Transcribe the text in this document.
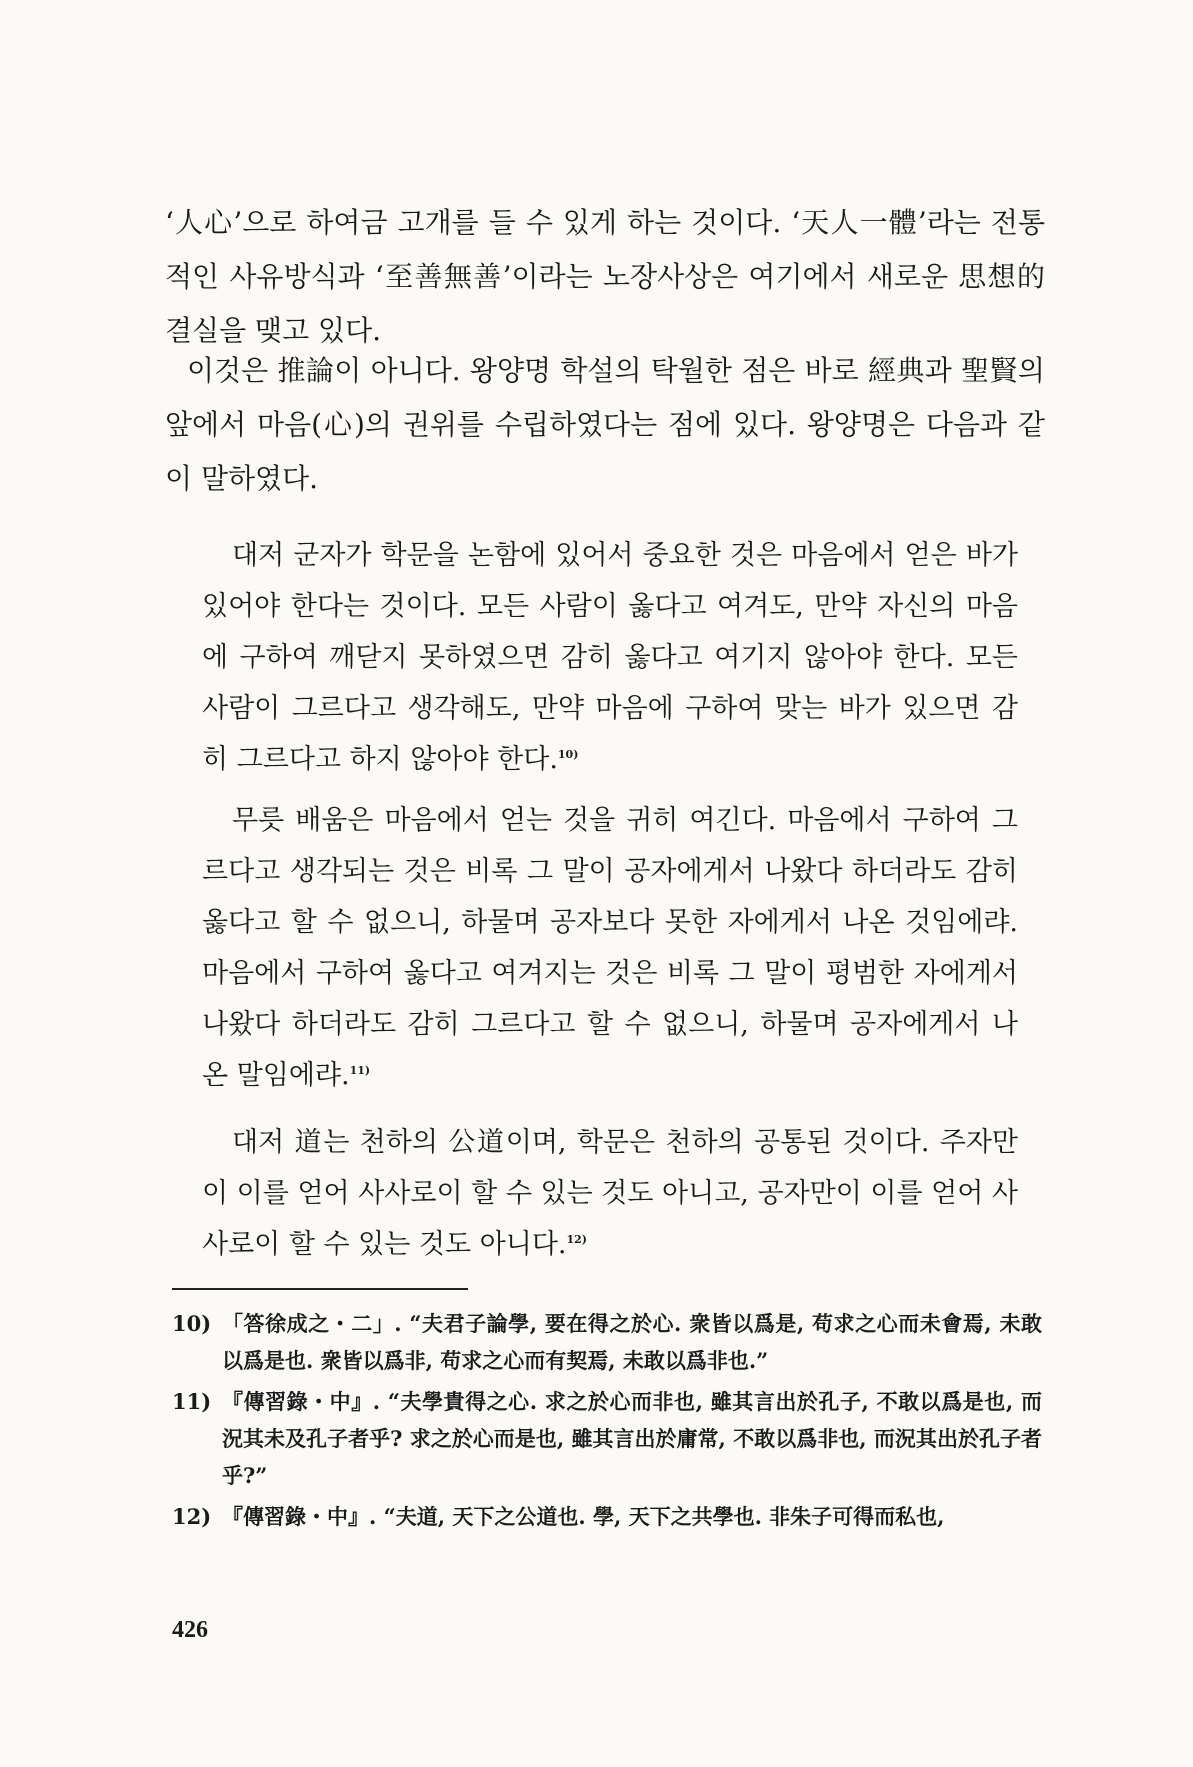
‘人心’으로 하여금 고개를 들 수 있게 하는 것이다. ‘天人一體’라는 전통적인 사유방식과 ‘至善無善’이라는 노장사상은 여기에서 새로운 思想的 결실을 맺고 있다.

이것은 推論이 아니다. 왕양명 학설의 탁월한 점은 바로 經典과 聖賢의 앞에서 마음(心)의 권위를 수립하였다는 점에 있다. 왕양명은 다음과 같이 말하였다.

대저 군자가 학문을 논함에 있어서 중요한 것은 마음에서 얻은 바가 있어야 한다는 것이다. 모든 사람이 옳다고 여겨도, 만약 자신의 마음에 구하여 깨닫지 못하였으면 감히 옳다고 여기지 않아야 한다. 모든 사람이 그르다고 생각해도, 만약 마음에 구하여 맞는 바가 있으면 감히 그르다고 하지 않아야 한다.$^{10)}$

무릇 배움은 마음에서 얻는 것을 귀히 여긴다. 마음에서 구하여 그르다고 생각되는 것은 비록 그 말이 공자에게서 나왔다 하더라도 감히 옳다고 할 수 없으니, 하물며 공자보다 못한 자에게서 나온 것임에랴. 마음에서 구하여 옳다고 여겨지는 것은 비록 그 말이 평범한 자에게서 나왔다 하더라도 감히 그르다고 할 수 없으니, 하물며 공자에게서 나온 말임에랴.$^{11)}$

대저 道는 천하의 公道이며, 학문은 천하의 공통된 것이다. 주자만이 이를 얻어 사사로이 할 수 있는 것도 아니고, 공자만이 이를 얻어 사사로이 할 수 있는 것도 아니다.$^{12)}$

10) 「答徐成之・二」. “夫君子論學, 要在得之於心. 衆皆以爲是, 苟求之心而未會焉, 未敢以爲是也. 衆皆以爲非, 苟求之心而有契焉, 未敢以爲非也.”
11) 『傳習錄・中』. “夫學貴得之心. 求之於心而非也, 雖其言出於孔子, 不敢以爲是也, 而況其未及孔子者乎? 求之於心而是也, 雖其言出於庸常, 不敢以爲非也, 而況其出於孔子者乎?”
12) 『傳習錄・中』. “夫道, 天下之公道也. 學, 天下之共學也. 非朱子可得而私也,
426
